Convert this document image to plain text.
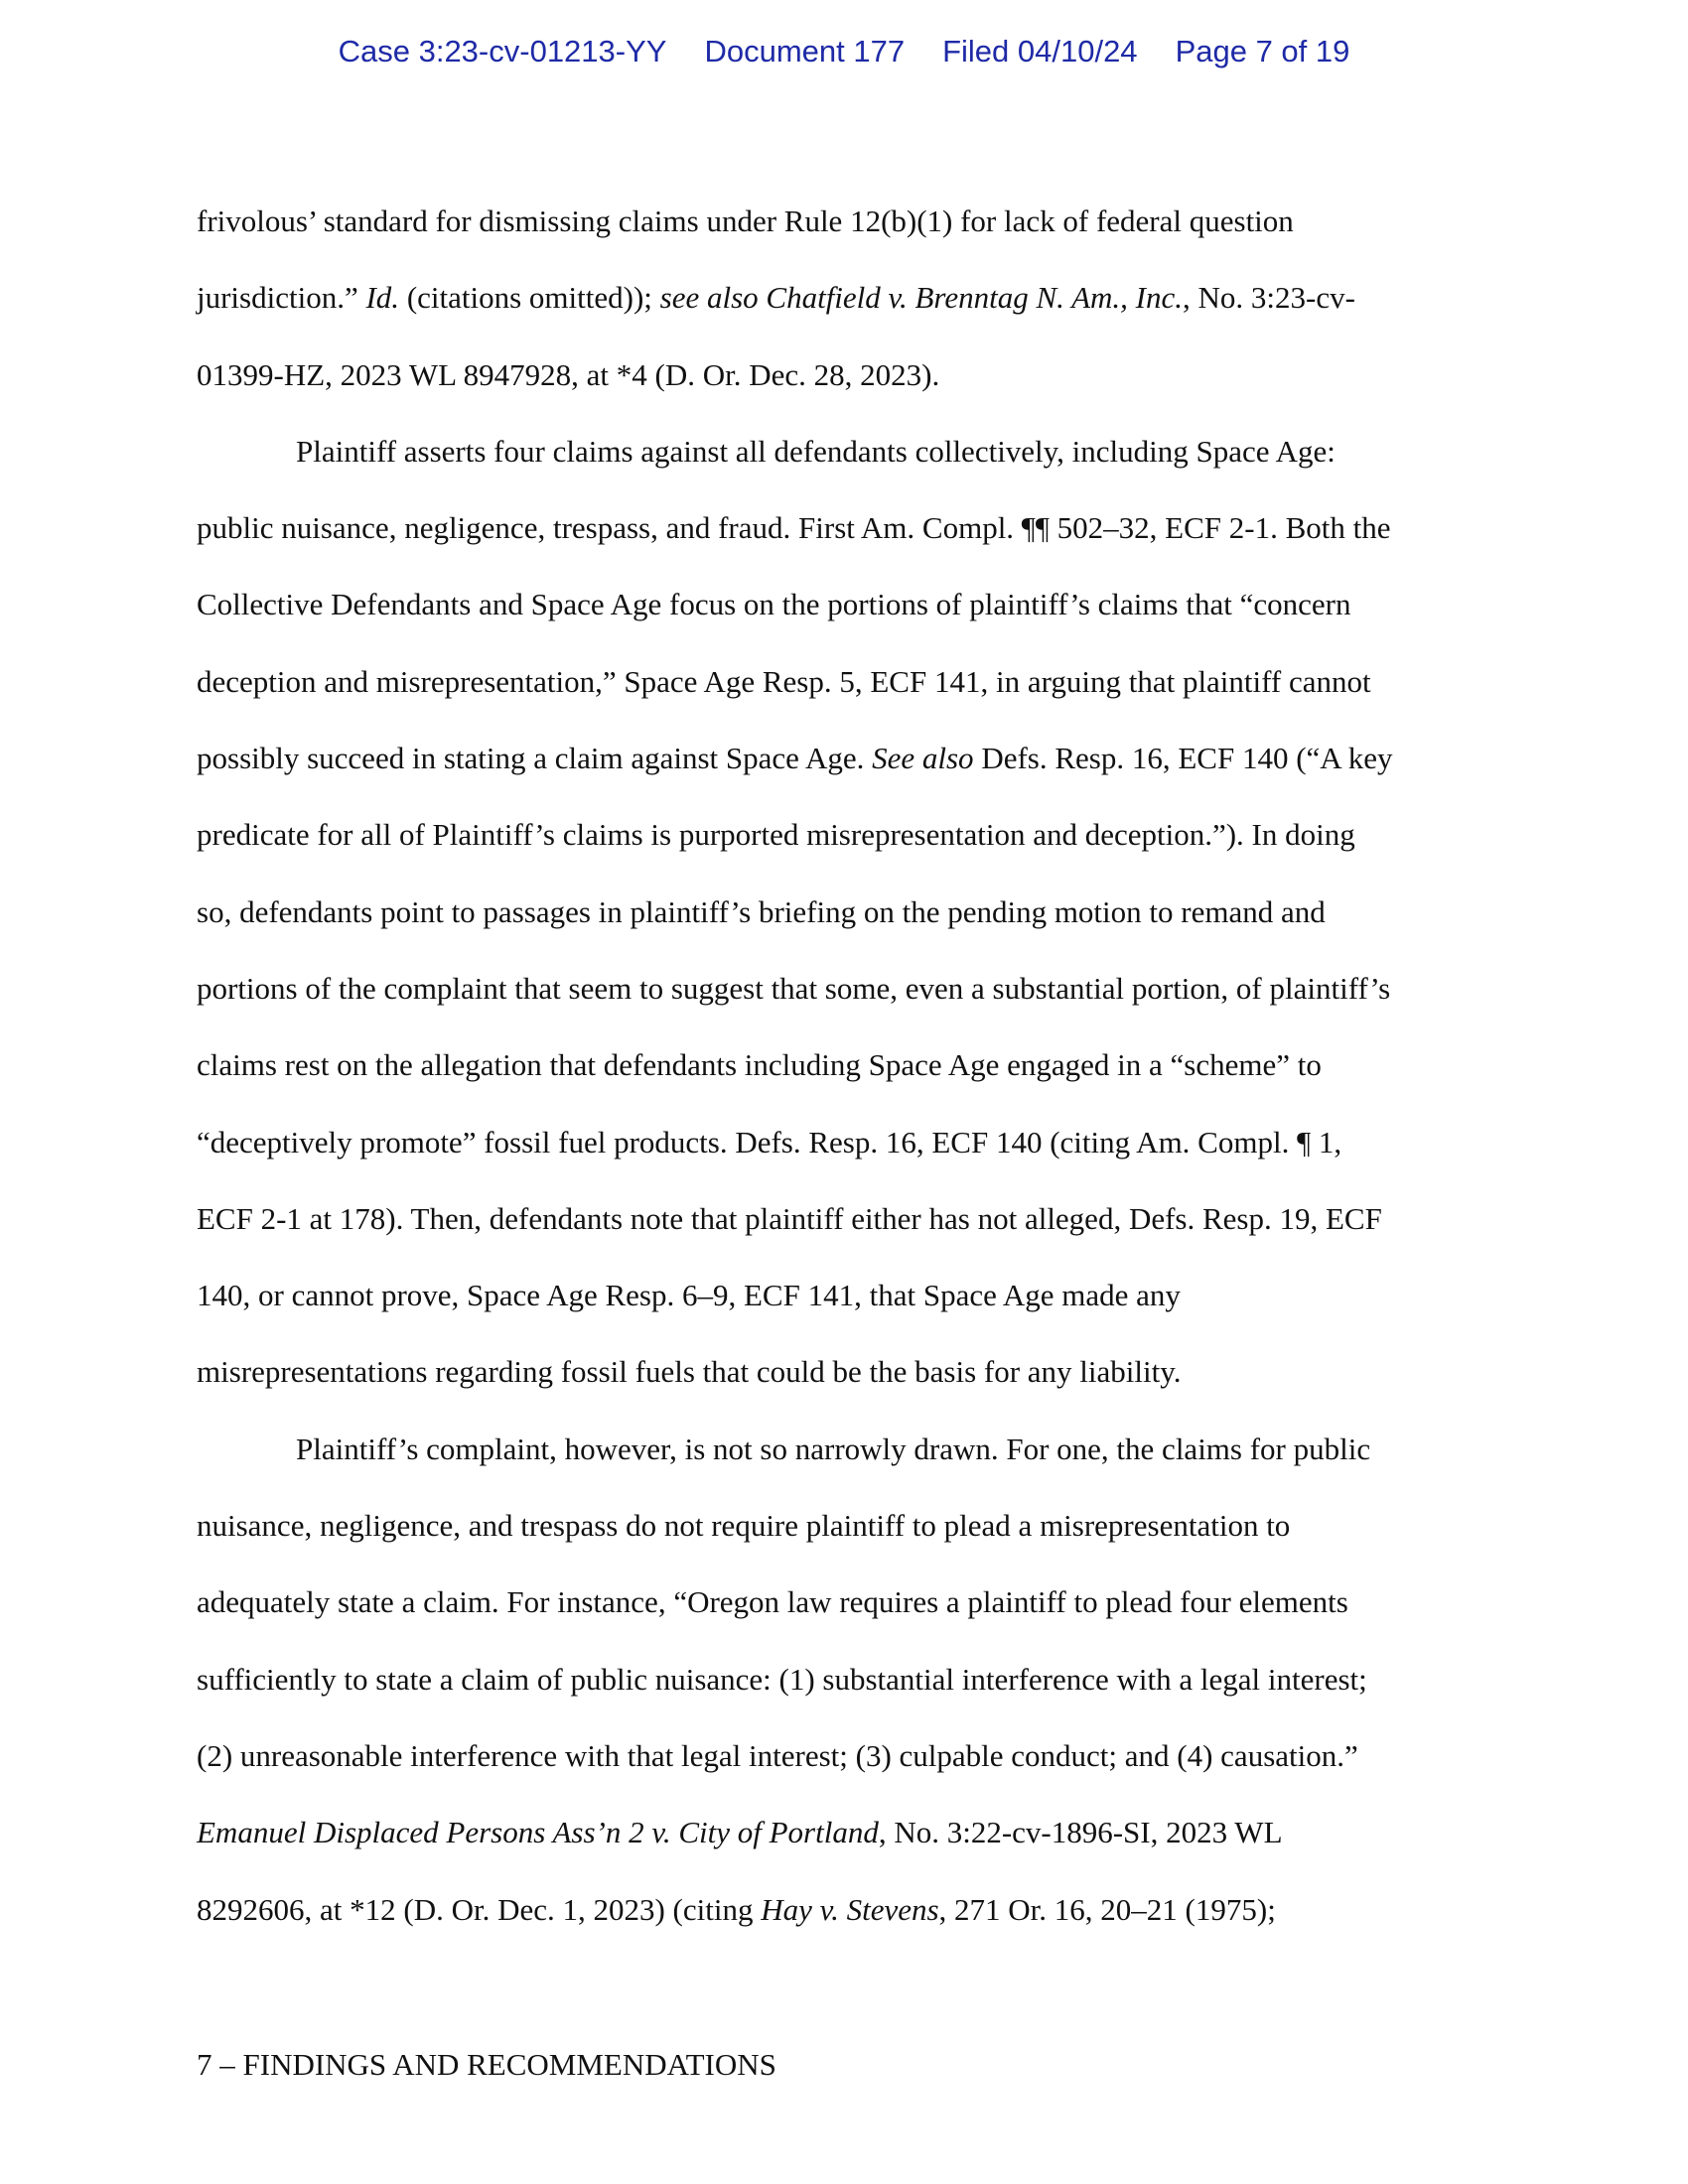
Case 3:23-cv-01213-YY Document 177 Filed 04/10/24 Page 7 of 19

frivolous’ standard for dismissing claims under Rule 12(b)(1) for lack of federal question
jurisdiction.” Id. (citations omitted)); see also Chatfield v. Brenntag N. Am., Inc., No. 3:23-cv-
01399-HZ, 2023 WL 8947928, at *4 (D. Or. Dec. 28, 2023).

Plaintiff asserts four claims against all defendants collectively, including Space Age:
public nuisance, negligence, trespass, and fraud. First Am. Compl. ¶¶ 502–32, ECF 2-1. Both the
Collective Defendants and Space Age focus on the portions of plaintiff’s claims that “concern
deception and misrepresentation,” Space Age Resp. 5, ECF 141, in arguing that plaintiff cannot
possibly succeed in stating a claim against Space Age. See also Defs. Resp. 16, ECF 140 (“A key
predicate for all of Plaintiff’s claims is purported misrepresentation and deception.”). In doing
so, defendants point to passages in plaintiff’s briefing on the pending motion to remand and
portions of the complaint that seem to suggest that some, even a substantial portion, of plaintiff’s
claims rest on the allegation that defendants including Space Age engaged in a “scheme” to
“deceptively promote” fossil fuel products. Defs. Resp. 16, ECF 140 (citing Am. Compl. ¶ 1,
ECF 2-1 at 178). Then, defendants note that plaintiff either has not alleged, Defs. Resp. 19, ECF
140, or cannot prove, Space Age Resp. 6–9, ECF 141, that Space Age made any
misrepresentations regarding fossil fuels that could be the basis for any liability.

Plaintiff’s complaint, however, is not so narrowly drawn. For one, the claims for public
nuisance, negligence, and trespass do not require plaintiff to plead a misrepresentation to
adequately state a claim. For instance, “Oregon law requires a plaintiff to plead four elements
sufficiently to state a claim of public nuisance: (1) substantial interference with a legal interest;
(2) unreasonable interference with that legal interest; (3) culpable conduct; and (4) causation.”
Emanuel Displaced Persons Ass’n 2 v. City of Portland, No. 3:22-cv-1896-SI, 2023 WL
8292606, at *12 (D. Or. Dec. 1, 2023) (citing Hay v. Stevens, 271 Or. 16, 20–21 (1975);

7 – FINDINGS AND RECOMMENDATIONS
